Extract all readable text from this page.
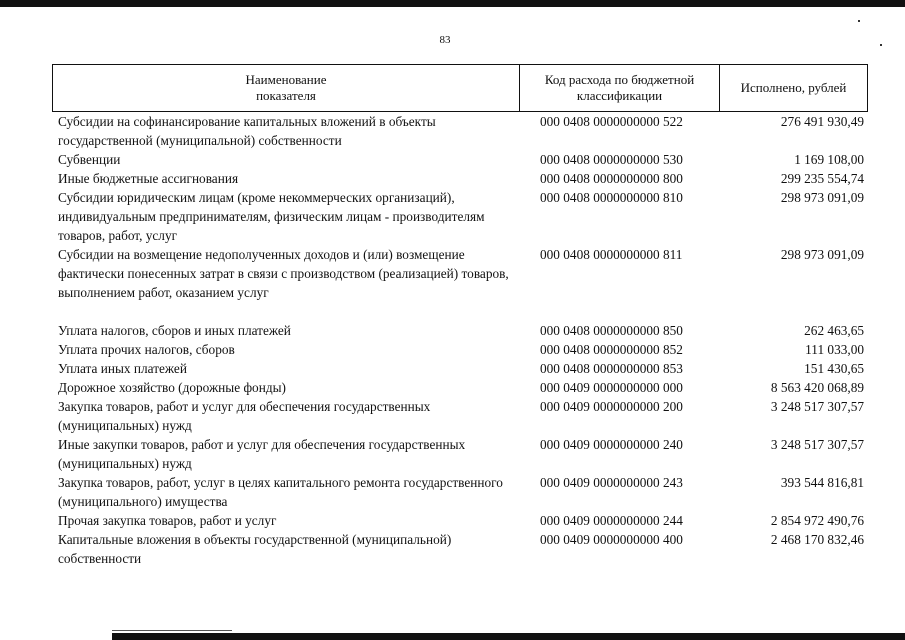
83
Наименование
показателя
Код расхода по бюджетной
классификации
Исполнено, рублей
Субсидии на софинансирование капитальных вложений в объекты государственной (муниципальной) собственности
000 0408 0000000000 522	276 491 930,49
Субвенции	000 0408 0000000000 530	1 169 108,00
Иные бюджетные ассигнования	000 0408 0000000000 800	299 235 554,74
Субсидии юридическим лицам (кроме некоммерческих организаций), индивидуальным предпринимателям, физическим лицам - производителям товаров, работ, услуг
000 0408 0000000000 810	298 973 091,09
Субсидии на возмещение недополученных доходов и (или) возмещение фактически понесенных затрат в связи с производством (реализацией) товаров, выполнением работ, оказанием услуг
000 0408 0000000000 811	298 973 091,09
Уплата налогов, сборов и иных платежей	000 0408 0000000000 850	262 463,65
Уплата прочих налогов, сборов	000 0408 0000000000 852	111 033,00
Уплата иных платежей	000 0408 0000000000 853	151 430,65
Дорожное хозяйство (дорожные фонды)	000 0409 0000000000 000	8 563 420 068,89
Закупка товаров, работ и услуг для обеспечения государственных (муниципальных) нужд
000 0409 0000000000 200	3 248 517 307,57
Иные закупки товаров, работ и услуг для обеспечения государственных (муниципальных) нужд
000 0409 0000000000 240	3 248 517 307,57
Закупка товаров, работ, услуг в целях капитального ремонта государственного (муниципального) имущества
000 0409 0000000000 243	393 544 816,81
Прочая закупка товаров, работ и услуг	000 0409 0000000000 244	2 854 972 490,76
Капитальные вложения в объекты государственной (муниципальной) собственности
000 0409 0000000000 400	2 468 170 832,46
